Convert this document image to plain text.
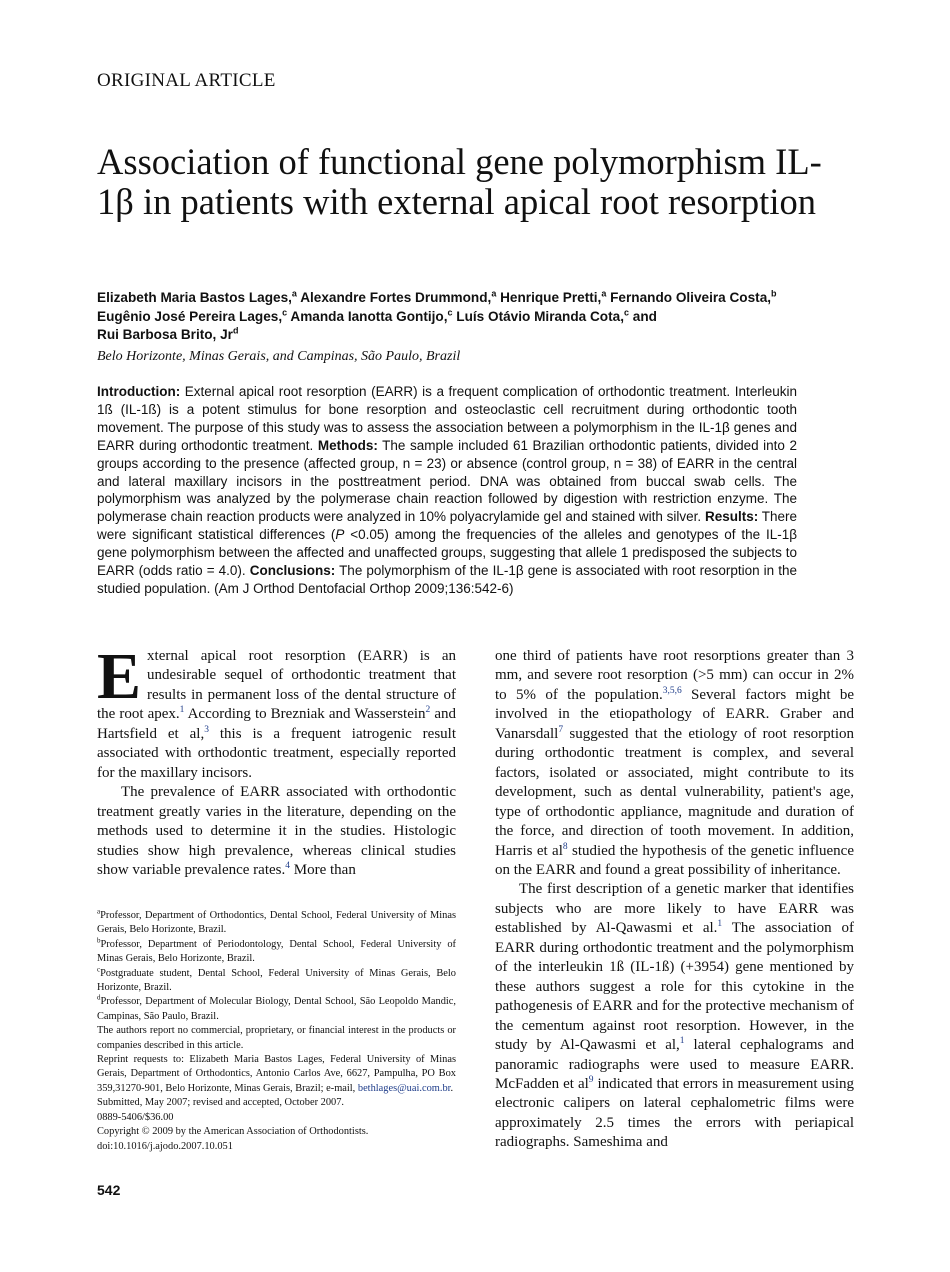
ORIGINAL ARTICLE
Association of functional gene polymorphism IL-1β in patients with external apical root resorption
Elizabeth Maria Bastos Lages,$^a$ Alexandre Fortes Drummond,$^a$ Henrique Pretti,$^a$ Fernando Oliveira Costa,$^b$
Eugênio José Pereira Lages,$^c$ Amanda Ianotta Gontijo,$^c$ Luís Otávio Miranda Cota,$^c$ and
Rui Barbosa Brito, Jr$^d$
Belo Horizonte, Minas Gerais, and Campinas, São Paulo, Brazil
Introduction: External apical root resorption (EARR) is a frequent complication of orthodontic treatment. Interleukin 1ß (IL-1ß) is a potent stimulus for bone resorption and osteoclastic cell recruitment during orthodontic tooth movement. The purpose of this study was to assess the association between a polymorphism in the IL-1β genes and EARR during orthodontic treatment. Methods: The sample included 61 Brazilian orthodontic patients, divided into 2 groups according to the presence (affected group, n = 23) or absence (control group, n = 38) of EARR in the central and lateral maxillary incisors in the posttreatment period. DNA was obtained from buccal swab cells. The polymorphism was analyzed by the polymerase chain reaction followed by digestion with restriction enzyme. The polymerase chain reaction products were analyzed in 10% polyacrylamide gel and stained with silver. Results: There were significant statistical differences (P <0.05) among the frequencies of the alleles and genotypes of the IL-1β gene polymorphism between the affected and unaffected groups, suggesting that allele 1 predisposed the subjects to EARR (odds ratio = 4.0). Conclusions: The polymorphism of the IL-1β gene is associated with root resorption in the studied population. (Am J Orthod Dentofacial Orthop 2009;136:542-6)

External apical root resorption (EARR) is an undesirable sequel of orthodontic treatment that results in permanent loss of the dental structure of the root apex.$^1$ According to Brezniak and Wasserstein$^2$ and Hartsfield et al,$^3$ this is a frequent iatrogenic result associated with orthodontic treatment, especially reported for the maxillary incisors.

The prevalence of EARR associated with orthodontic treatment greatly varies in the literature, depending on the methods used to determine it in the studies. Histologic studies show high prevalence, whereas clinical studies show variable prevalence rates.$^4$ More than

$^a$Professor, Department of Orthodontics, Dental School, Federal University of Minas Gerais, Belo Horizonte, Brazil.

$^b$Professor, Department of Periodontology, Dental School, Federal University of Minas Gerais, Belo Horizonte, Brazil.

$^c$Postgraduate student, Dental School, Federal University of Minas Gerais, Belo Horizonte, Brazil.

$^d$Professor, Department of Molecular Biology, Dental School, São Leopoldo Mandic, Campinas, São Paulo, Brazil.

The authors report no commercial, proprietary, or financial interest in the products or companies described in this article.

Reprint requests to: Elizabeth Maria Bastos Lages, Federal University of Minas Gerais, Department of Orthodontics, Antonio Carlos Ave, 6627, Pampulha, PO Box 359,31270-901, Belo Horizonte, Minas Gerais, Brazil; e-mail, bethlages@uai.com.br.

Submitted, May 2007; revised and accepted, October 2007.

0889-5406/$36.00

Copyright © 2009 by the American Association of Orthodontists.

doi:10.1016/j.ajodo.2007.10.051

one third of patients have root resorptions greater than 3 mm, and severe root resorption (>5 mm) can occur in 2% to 5% of the population.$^{3,5,6}$ Several factors might be involved in the etiopathology of EARR. Graber and Vanarsdall$^7$ suggested that the etiology of root resorption during orthodontic treatment is complex, and several factors, isolated or associated, might contribute to its development, such as dental vulnerability, patient's age, type of orthodontic appliance, magnitude and duration of the force, and direction of tooth movement. In addition, Harris et $al^8$ studied the hypothesis of the genetic influence on the EARR and found a great possibility of inheritance.

The first description of a genetic marker that identifies subjects who are more likely to have EARR was established by Al-Qawasmi et al.$^1$ The association of EARR during orthodontic treatment and the polymorphism of the interleukin 1ß (IL-1ß) (+3954) gene mentioned by these authors suggest a role for this cytokine in the pathogenesis of EARR and for the protective mechanism of the cementum against root resorption. However, in the study by Al-Qawasmi et al,$^1$ lateral cephalograms and panoramic radiographs were used to measure EARR. McFadden et $al^9$ indicated that errors in measurement using electronic calipers on lateral cephalometric films were approximately 2.5 times the errors with periapical radiographs. Sameshima and

542
